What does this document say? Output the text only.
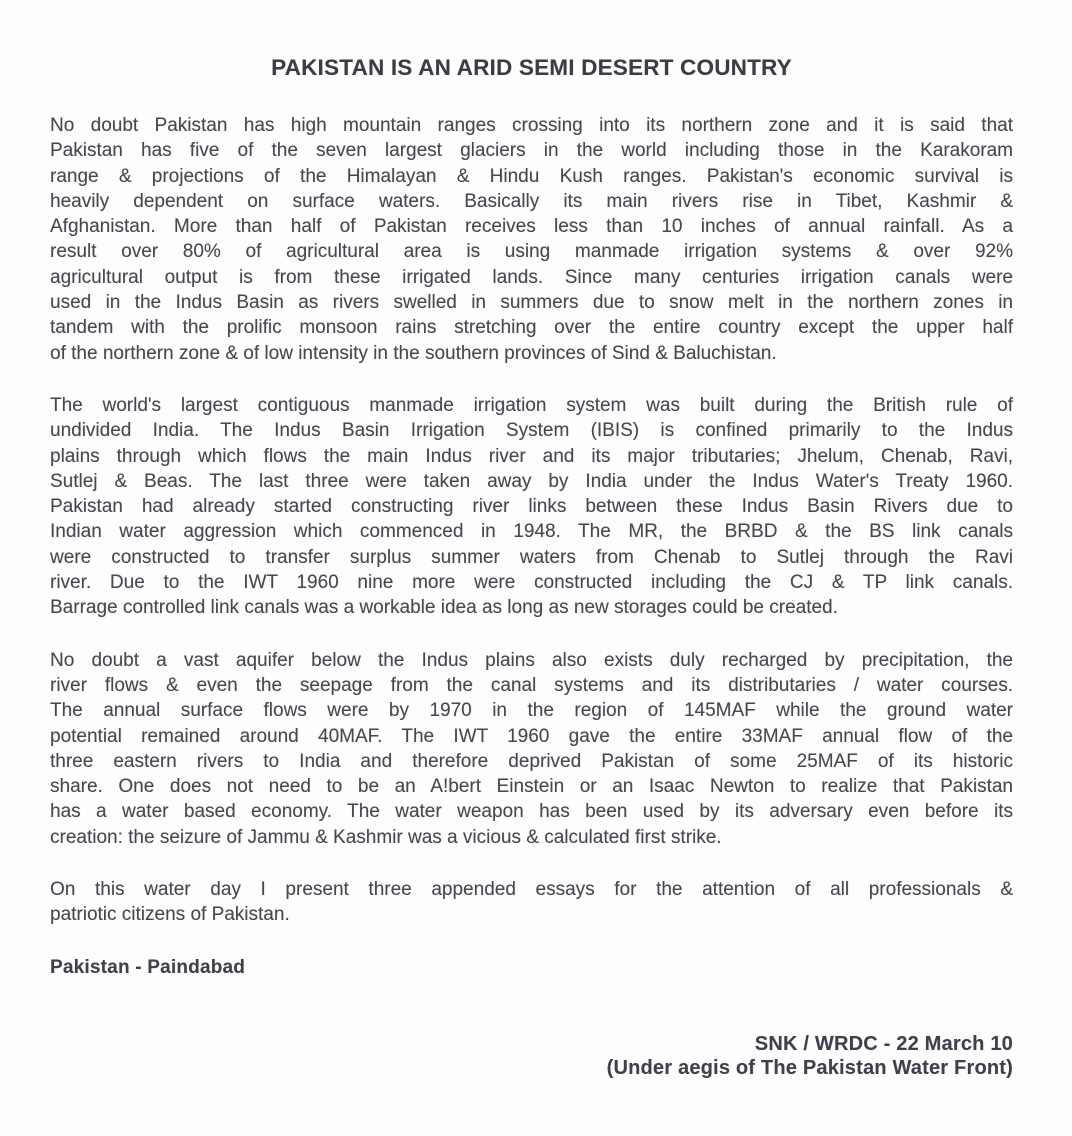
PAKISTAN IS AN ARID SEMI DESERT COUNTRY
No doubt Pakistan has high mountain ranges crossing into its northern zone and it is said that
Pakistan has five of the seven largest glaciers in the world including those in the Karakoram
range & projections of the Himalayan & Hindu Kush ranges. Pakistan's economic survival is
heavily dependent on surface waters. Basically its main rivers rise in Tibet, Kashmir &
Afghanistan. More than half of Pakistan receives less than 10 inches of annual rainfall. As a
result over 80% of agricultural area is using manmade irrigation systems & over 92%
agricultural output is from these irrigated lands. Since many centuries irrigation canals were
used in the Indus Basin as rivers swelled in summers due to snow melt in the northern zones in
tandem with the prolific monsoon rains stretching over the entire country except the upper half
of the northern zone & of low intensity in the southern provinces of Sind & Baluchistan.
The world's largest contiguous manmade irrigation system was built during the British rule of
undivided India. The Indus Basin Irrigation System (IBIS) is confined primarily to the Indus
plains through which flows the main Indus river and its major tributaries; Jhelum, Chenab, Ravi,
Sutlej & Beas. The last three were taken away by India under the Indus Water's Treaty 1960.
Pakistan had already started constructing river links between these Indus Basin Rivers due to
Indian water aggression which commenced in 1948. The MR, the BRBD & the BS link canals
were constructed to transfer surplus summer waters from Chenab to Sutlej through the Ravi
river. Due to the IWT 1960 nine more were constructed including the CJ & TP link canals.
Barrage controlled link canals was a workable idea as long as new storages could be created.
No doubt a vast aquifer below the Indus plains also exists duly recharged by precipitation, the
river flows & even the seepage from the canal systems and its distributaries / water courses.
The annual surface flows were by 1970 in the region of 145MAF while the ground water
potential remained around 40MAF. The IWT 1960 gave the entire 33MAF annual flow of the
three eastern rivers to India and therefore deprived Pakistan of some 25MAF of its historic
share. One does not need to be an A!bert Einstein or an Isaac Newton to realize that Pakistan
has a water based economy. The water weapon has been used by its adversary even before its
creation: the seizure of Jammu & Kashmir was a vicious & calculated first strike.
On this water day I present three appended essays for the attention of all professionals &
patriotic citizens of Pakistan.

Pakistan - Paindabad

SNK / WRDC - 22 March 10
(Under aegis of The Pakistan Water Front)
